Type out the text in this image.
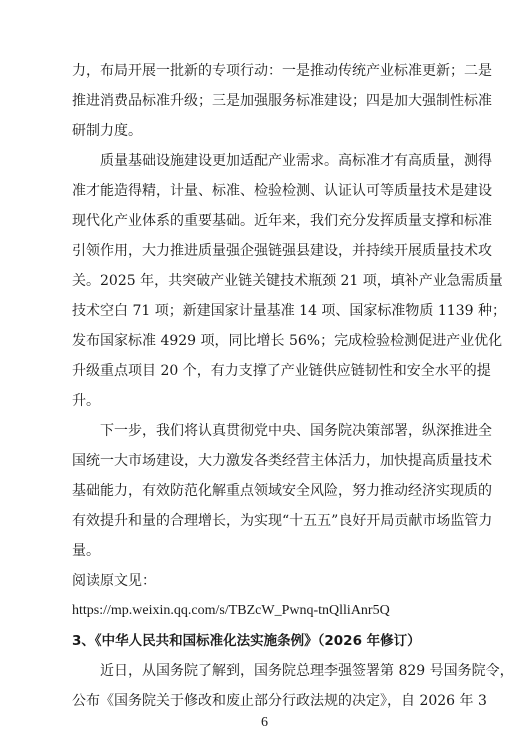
力，布局开展一批新的专项行动：一是推动传统产业标准更新；二是
推进消费品标准升级；三是加强服务标准建设；四是加大强制性标准
研制力度。
质量基础设施建设更加适配产业需求。高标准才有高质量，测得
准才能造得精，计量、标准、检验检测、认证认可等质量技术是建设
现代化产业体系的重要基础。近年来，我们充分发挥质量支撑和标准
引领作用，大力推进质量强企强链强县建设，并持续开展质量技术攻
关。2025 年，共突破产业链关键技术瓶颈 21 项，填补产业急需质量
技术空白 71 项；新建国家计量基准 14 项、国家标准物质 1139 种；
发布国家标准 4929 项，同比增长 56%；完成检验检测促进产业优化
升级重点项目 20 个，有力支撑了产业链供应链韧性和安全水平的提
升。
下一步，我们将认真贯彻党中央、国务院决策部署，纵深推进全
国统一大市场建设，大力激发各类经营主体活力，加快提高质量技术
基础能力，有效防范化解重点领域安全风险，努力推动经济实现质的
有效提升和量的合理增长，为实现“十五五”良好开局贡献市场监管力
量。
阅读原文见：
https://mp.weixin.qq.com/s/TBZcW_Pwnq-tnQlliAnr5Q
3、《中华人民共和国标准化法实施条例》（2026 年修订）
近日，从国务院了解到，国务院总理李强签署第 829 号国务院令，
公布《国务院关于修改和废止部分行政法规的决定》，自 2026 年 3
6
